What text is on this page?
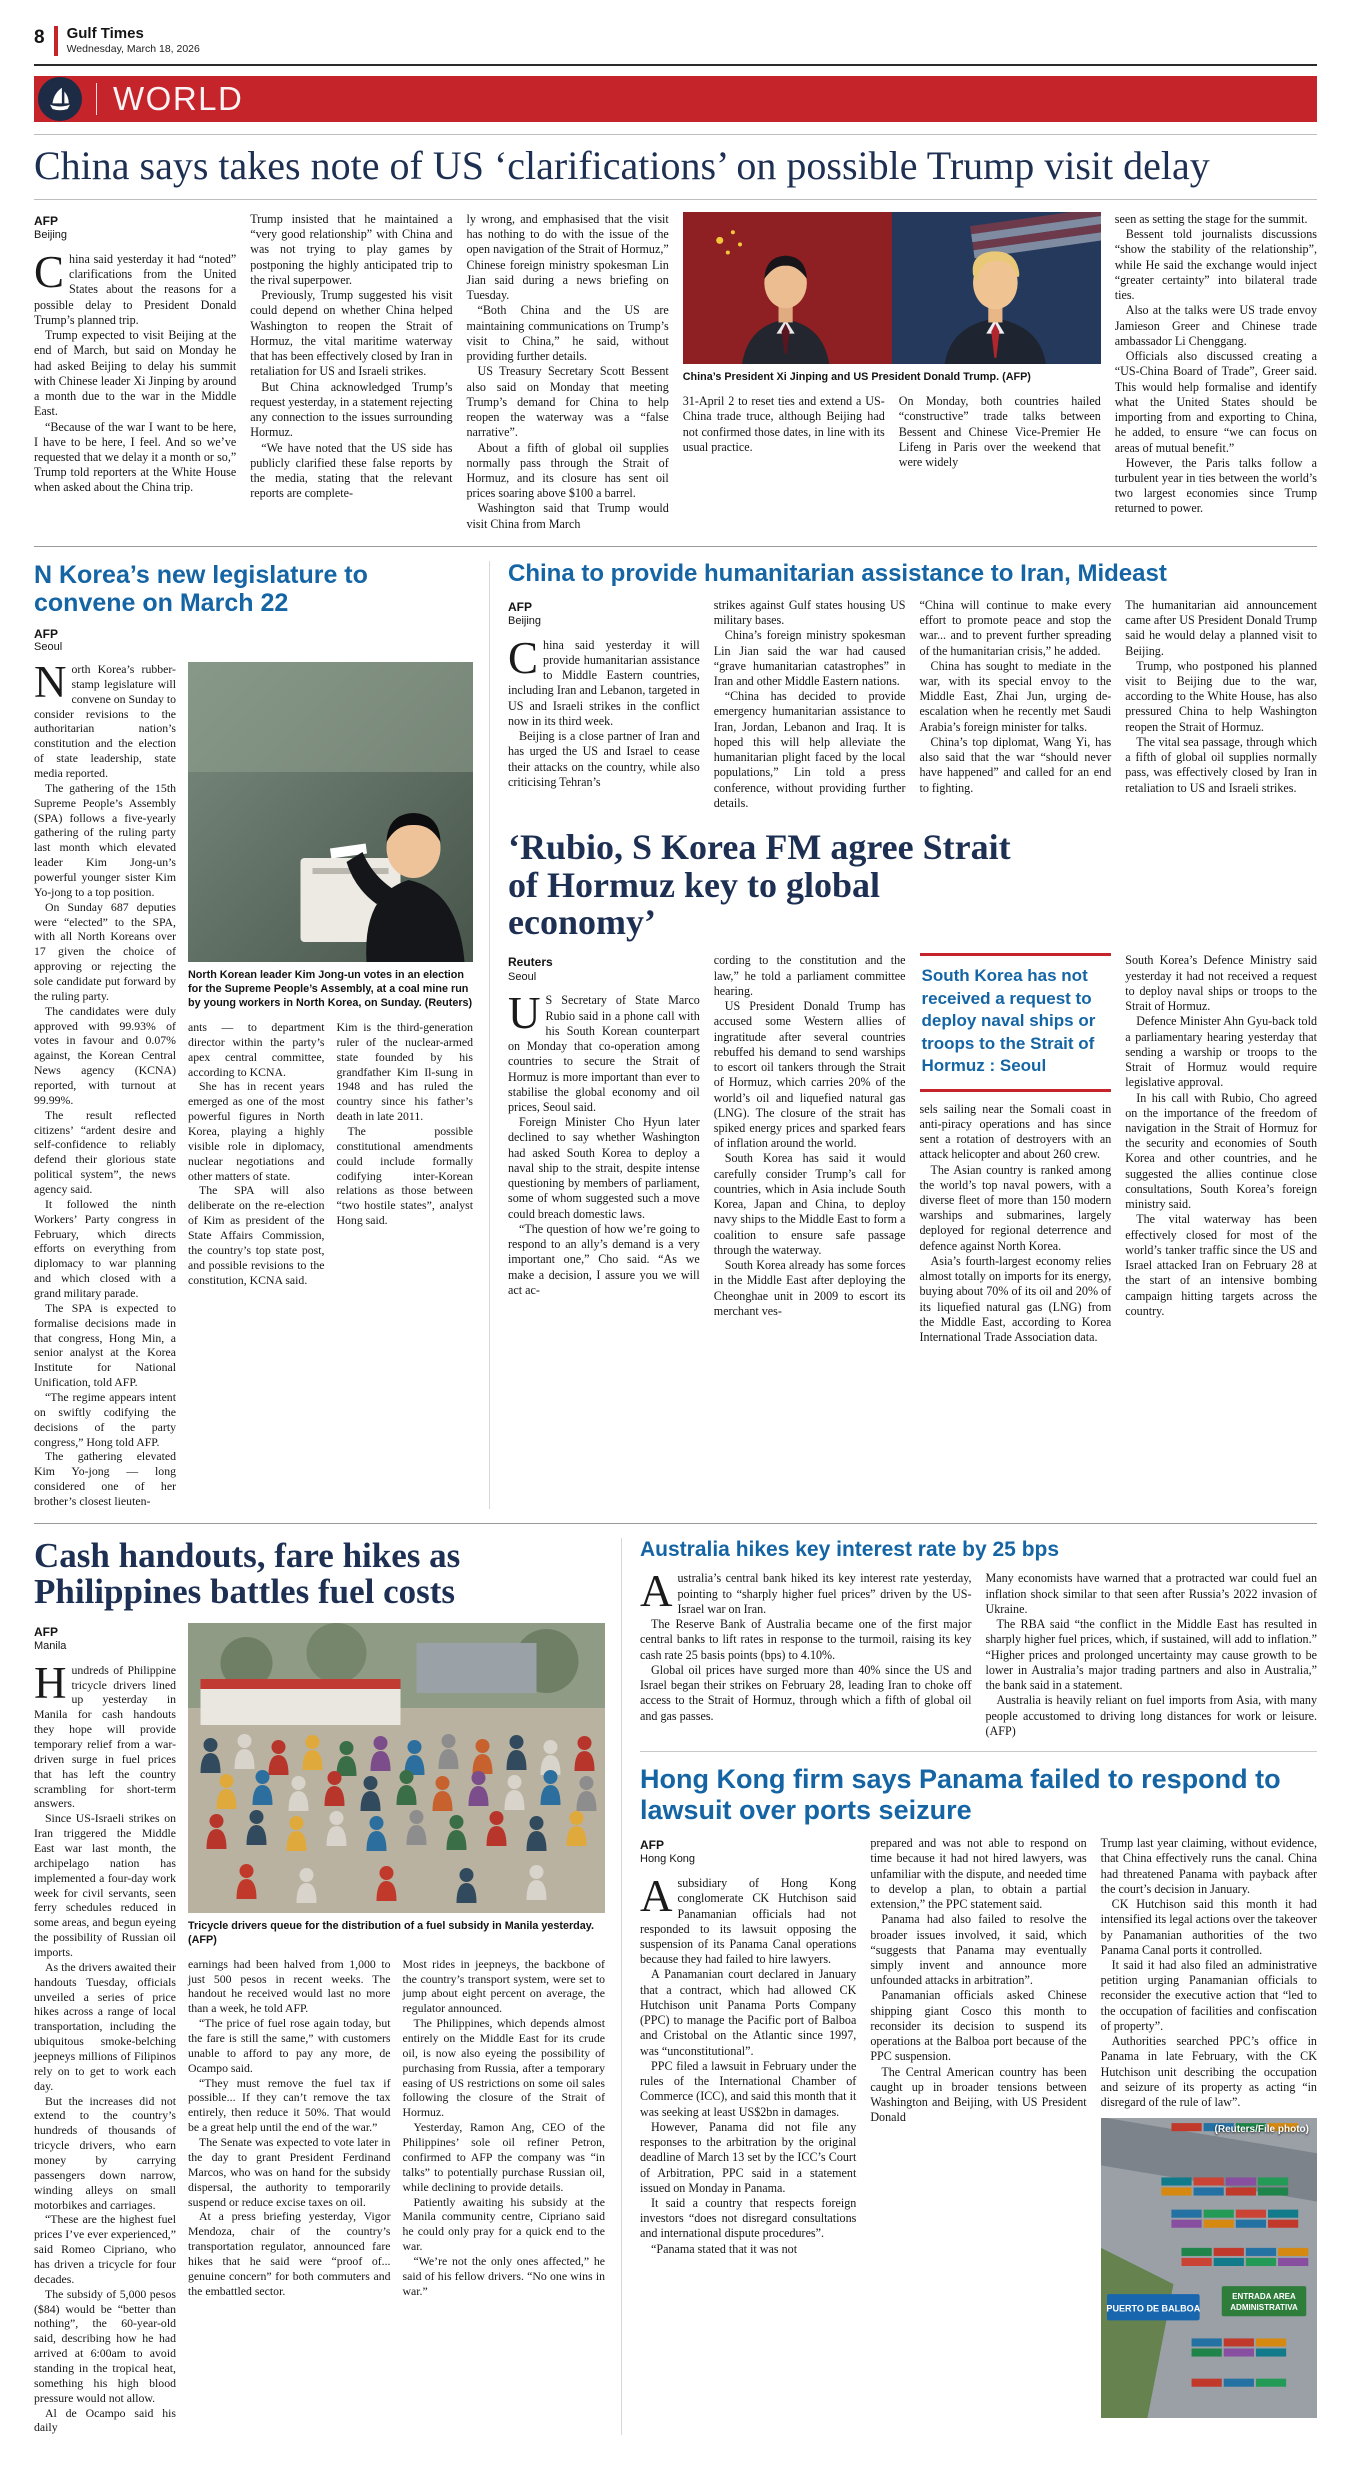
8 Gulf Times
Wednesday, March 18, 2026
WORLD
China says takes note of US ‘clarifications’ on possible Trump visit delay
AFP
Beijing

China said yesterday it had “noted” clarifications from the United States about the reasons for a possible delay to President Donald Trump’s planned trip.

Trump expected to visit Beijing at the end of March, but said on Monday he had asked Beijing to delay his summit with Chinese leader Xi Jinping by around a month due to the war in the Middle East.

“Because of the war I want to be here, I have to be here, I feel. And so we’ve requested that we delay it a month or so,” Trump told reporters at the White House when asked about the China trip.

Trump insisted that he maintained a “very good relationship” with China and was not trying to play games by postponing the highly anticipated trip to the rival superpower.

Previously, Trump suggested his visit could depend on whether China helped Washington to reopen the Strait of Hormuz, the vital maritime waterway that has been effectively closed by Iran in retaliation for US and Israeli strikes.

But China acknowledged Trump’s request yesterday, in a statement rejecting any connection to the issues surrounding Hormuz.

“We have noted that the US side has publicly clarified these false reports by the media, stating that the relevant reports are complete-

ly wrong, and emphasised that the visit has nothing to do with the issue of the open navigation of the Strait of Hormuz,” Chinese foreign ministry spokesman Lin Jian said during a news briefing on Tuesday.

“Both China and the US are maintaining communications on Trump’s visit to China,” he said, without providing further details.

US Treasury Secretary Scott Bessent also said on Monday that meeting Trump’s demand for China to help reopen the waterway was a “false narrative”.

About a fifth of global oil supplies normally pass through the Strait of Hormuz, and its closure has sent oil prices soaring above $100 a barrel.

Washington said that Trump would visit China from March

China’s President Xi Jinping and US President Donald Trump. (AFP)

31-April 2 to reset ties and extend a US-China trade truce, although Beijing had not confirmed those dates, in line with its usual practice.

On Monday, both countries hailed “constructive” trade talks between Bessent and Chinese Vice-Premier He Lifeng in Paris over the weekend that were widely

seen as setting the stage for the summit.

Bessent told journalists discussions “show the stability of the relationship”, while He said the exchange would inject “greater certainty” into bilateral trade ties.

Also at the talks were US trade envoy Jamieson Greer and Chinese trade ambassador Li Chenggang.

Officials also discussed creating a “US-China Board of Trade”, Greer said. This would help formalise and identify what the United States should be importing from and exporting to China, he added, to ensure “we can focus on areas of mutual benefit.”

However, the Paris talks follow a turbulent year in ties between the world’s two largest economies since Trump returned to power.

N Korea’s new legislature to convene on March 22
AFP
Seoul

North Korea’s rubber-stamp legislature will convene on Sunday to consider revisions to the authoritarian nation’s constitution and the election of state leadership, state media reported.

The gathering of the 15th Supreme People’s Assembly (SPA) follows a five-yearly gathering of the ruling party last month which elevated leader Kim Jong-un’s powerful younger sister Kim Yo-jong to a top position.

On Sunday 687 deputies were “elected” to the SPA, with all North Koreans over 17 given the choice of approving or rejecting the sole candidate put forward by the ruling party.

The candidates were duly approved with 99.93% of votes in favour and 0.07% against, the Korean Central News agency (KCNA) reported, with turnout at 99.99%.

The result reflected citizens’ “ardent desire and self-confidence to reliably defend their glorious state political system”, the news agency said.

It followed the ninth Workers’ Party congress in February, which directs efforts on everything from diplomacy to war planning and which closed with a grand military parade.

The SPA is expected to formalise decisions made in that congress, Hong Min, a senior analyst at the Korea Institute for National Unification, told AFP.

“The regime appears intent on swiftly codifying the decisions of the party congress,” Hong told AFP.

The gathering elevated Kim Yo-jong — long considered one of her brother’s closest lieuten-

North Korean leader Kim Jong-un votes in an election for the Supreme People’s Assembly, at a coal mine run by young workers in North Korea, on Sunday. (Reuters)

ants — to department director within the party’s apex central committee, according to KCNA.

She has in recent years emerged as one of the most powerful figures in North Korea, playing a highly visible role in diplomacy, nuclear negotiations and other matters of state.

The SPA will also deliberate on the re-election of Kim as president of the State Affairs Commission, the country’s top state post, and possible revisions to the constitution, KCNA said.

Kim is the third-generation ruler of the nuclear-armed state founded by his grandfather Kim Il-sung in 1948 and has ruled the country since his father’s death in late 2011.

The possible constitutional amendments could include formally codifying inter-Korean relations as those between “two hostile states”, analyst Hong said.

China to provide humanitarian assistance to Iran, Mideast
AFP
Beijing

China said yesterday it will provide humanitarian assistance to Middle Eastern countries, including Iran and Lebanon, targeted in US and Israeli strikes in the conflict now in its third week.

Beijing is a close partner of Iran and has urged the US and Israel to cease their attacks on the country, while also criticising Tehran’s

strikes against Gulf states housing US military bases.

China’s foreign ministry spokesman Lin Jian said the war had caused “grave humanitarian catastrophes” in Iran and other Middle Eastern nations.

“China has decided to provide emergency humanitarian assistance to Iran, Jordan, Lebanon and Iraq. It is hoped this will help alleviate the humanitarian plight faced by the local populations,” Lin told a press conference, without providing further details.

“China will continue to make every effort to promote peace and stop the war... and to prevent further spreading of the humanitarian crisis,” he added.

China has sought to mediate in the war, with its special envoy to the Middle East, Zhai Jun, urging de-escalation when he recently met Saudi Arabia’s foreign minister for talks.

China’s top diplomat, Wang Yi, has also said that the war “should never have happened” and called for an end to fighting.

The humanitarian aid announcement came after US President Donald Trump said he would delay a planned visit to Beijing.

Trump, who postponed his planned visit to Beijing due to the war, according to the White House, has also pressured China to help Washington reopen the Strait of Hormuz.

The vital sea passage, through which a fifth of global oil supplies normally pass, was effectively closed by Iran in retaliation to US and Israeli strikes.

‘Rubio, S Korea FM agree Strait of Hormuz key to global economy’
Reuters
Seoul

US Secretary of State Marco Rubio said in a phone call with his South Korean counterpart on Monday that co-operation among countries to secure the Strait of Hormuz is more important than ever to stabilise the global economy and oil prices, Seoul said.

Foreign Minister Cho Hyun later declined to say whether Washington had asked South Korea to deploy a naval ship to the strait, despite intense questioning by members of parliament, some of whom suggested such a move could breach domestic laws.

“The question of how we’re going to respond to an ally’s demand is a very important one,” Cho said. “As we make a decision, I assure you we will act ac-

cording to the constitution and the law,” he told a parliament committee hearing.

US President Donald Trump has accused some Western allies of ingratitude after several countries rebuffed his demand to send warships to escort oil tankers through the Strait of Hormuz, which carries 20% of the world’s oil and liquefied natural gas (LNG). The closure of the strait has spiked energy prices and sparked fears of inflation around the world.

South Korea has said it would carefully consider Trump’s call for countries, which in Asia include South Korea, Japan and China, to deploy navy ships to the Middle East to form a coalition to ensure safe passage through the waterway.

South Korea already has some forces in the Middle East after deploying the Cheonghae unit in 2009 to escort its merchant ves-

South Korea has not received a request to deploy naval ships or troops to the Strait of Hormuz : Seoul

sels sailing near the Somali coast in anti-piracy operations and has since sent a rotation of destroyers with an attack helicopter and about 260 crew.

The Asian country is ranked among the world’s top naval powers, with a diverse fleet of more than 150 modern warships and submarines, largely deployed for regional deterrence and defence against North Korea.

Asia’s fourth-largest economy relies almost totally on imports for its energy, buying about 70% of its oil and 20% of its liquefied natural gas (LNG) from the Middle East, according to Korea International Trade Association data.

South Korea’s Defence Ministry said yesterday it had not received a request to deploy naval ships or troops to the Strait of Hormuz.

Defence Minister Ahn Gyu-back told a parliamentary hearing yesterday that sending a warship or troops to the Strait of Hormuz would require legislative approval.

In his call with Rubio, Cho agreed on the importance of the freedom of navigation in the Strait of Hormuz for the security and economies of South Korea and other countries, and he suggested the allies continue close consultations, South Korea’s foreign ministry said.

The vital waterway has been effectively closed for most of the world’s tanker traffic since the US and Israel attacked Iran on February 28 at the start of an intensive bombing campaign hitting targets across the country.

Cash handouts, fare hikes as Philippines battles fuel costs
AFP
Manila

Hundreds of Philippine tricycle drivers lined up yesterday in Manila for cash handouts they hope will provide temporary relief from a war-driven surge in fuel prices that has left the country scrambling for short-term answers.

Since US-Israeli strikes on Iran triggered the Middle East war last month, the archipelago nation has implemented a four-day work week for civil servants, seen ferry schedules reduced in some areas, and begun eyeing the possibility of Russian oil imports.

As the drivers awaited their handouts Tuesday, officials unveiled a series of price hikes across a range of local transportation, including the ubiquitous smoke-belching jeepneys millions of Filipinos rely on to get to work each day.

But the increases did not extend to the country’s hundreds of thousands of tricycle drivers, who earn money by carrying passengers down narrow, winding alleys on small motorbikes and carriages.

“These are the highest fuel prices I’ve ever experienced,” said Romeo Cipriano, who has driven a tricycle for four decades.

The subsidy of 5,000 pesos ($84) would be “better than nothing”, the 60-year-old said, describing how he had arrived at 6:00am to avoid standing in the tropical heat, something his high blood pressure would not allow.

Al de Ocampo said his daily

Tricycle drivers queue for the distribution of a fuel subsidy in Manila yesterday. (AFP)

earnings had been halved from 1,000 to just 500 pesos in recent weeks. The handout he received would last no more than a week, he told AFP.

“The price of fuel rose again today, but the fare is still the same,” with customers unable to afford to pay any more, de Ocampo said.

“They must remove the fuel tax if possible... If they can’t remove the tax entirely, then reduce it 50%. That would be a great help until the end of the war.”

The Senate was expected to vote later in the day to grant President Ferdinand Marcos, who was on hand for the subsidy dispersal, the authority to temporarily suspend or reduce excise taxes on oil.

At a press briefing yesterday, Vigor Mendoza, chair of the country’s transportation regulator, announced fare hikes that he said were “proof of... genuine concern” for both commuters and the embattled sector.

Most rides in jeepneys, the backbone of the country’s transport system, were set to jump about eight percent on average, the regulator announced.

The Philippines, which depends almost entirely on the Middle East for its crude oil, is now also eyeing the possibility of purchasing from Russia, after a temporary easing of US restrictions on some oil sales following the closure of the Strait of Hormuz.

Yesterday, Ramon Ang, CEO of the Philippines’ sole oil refiner Petron, confirmed to AFP the company was “in talks” to potentially purchase Russian oil, while declining to provide details.

Patiently awaiting his subsidy at the Manila community centre, Cipriano said he could only pray for a quick end to the war.

“We’re not the only ones affected,” he said of his fellow drivers. “No one wins in war.”

Australia hikes key interest rate by 25 bps

Australia’s central bank hiked its key interest rate yesterday, pointing to “sharply higher fuel prices” driven by the US-Israel war on Iran.

The Reserve Bank of Australia became one of the first major central banks to lift rates in response to the turmoil, raising its key cash rate 25 basis points (bps) to 4.10%.

Global oil prices have surged more than 40% since the US and Israel began their strikes on February 28, leading Iran to choke off access to the Strait of Hormuz, through which a fifth of global oil and gas passes.

Many economists have warned that a protracted war could fuel an inflation shock similar to that seen after Russia’s 2022 invasion of Ukraine.

The RBA said “the conflict in the Middle East has resulted in sharply higher fuel prices, which, if sustained, will add to inflation.” “Higher prices and prolonged uncertainty may cause growth to be lower in Australia’s major trading partners and also in Australia,” the bank said in a statement.

Australia is heavily reliant on fuel imports from Asia, with many people accustomed to driving long distances for work or leisure. (AFP)

Hong Kong firm says Panama failed to respond to lawsuit over ports seizure
AFP
Hong Kong

Asubsidiary of Hong Kong conglomerate CK Hutchison said Panamanian officials had not responded to its lawsuit opposing the suspension of its Panama Canal operations because they had failed to hire lawyers.

A Panamanian court declared in January that a contract, which had allowed CK Hutchison unit Panama Ports Company (PPC) to manage the Pacific port of Balboa and Cristobal on the Atlantic since 1997, was “unconstitutional”.

PPC filed a lawsuit in February under the rules of the International Chamber of Commerce (ICC), and said this month that it was seeking at least US$2bn in damages.

However, Panama did not file any responses to the arbitration by the original deadline of March 13 set by the ICC’s Court of Arbitration, PPC said in a statement issued on Monday in Panama.

It said a country that respects foreign investors “does not disregard consultations and international dispute procedures”.

“Panama stated that it was not

prepared and was not able to respond on time because it had not hired lawyers, was unfamiliar with the dispute, and needed time to develop a plan, to obtain a partial extension,” the PPC statement said.

Panama had also failed to resolve the broader issues involved, it said, which “suggests that Panama may eventually simply invent and announce more unfounded attacks in arbitration”.

Panamanian officials asked Chinese shipping giant Cosco this month to reconsider its decision to suspend its operations at the Balboa port because of the PPC suspension.

The Central American country has been caught up in broader tensions between Washington and Beijing, with US President Donald

Trump last year claiming, without evidence, that China effectively runs the canal. China had threatened Panama with payback after the court’s decision in January.

CK Hutchison said this month it had intensified its legal actions over the takeover by Panamanian authorities of the two Panama Canal ports it controlled.

It said it had also filed an administrative petition urging Panamanian officials to reconsider the executive action that “led to the occupation of facilities and confiscation of property”.

Authorities searched PPC’s office in Panama in late February, with the CK Hutchison unit describing the occupation and seizure of its property as acting “in disregard of the rule of law”.

PUERTO DE BALBOA
ENTRADA AREA
ADMINISTRATIVA
(Reuters/File photo)
